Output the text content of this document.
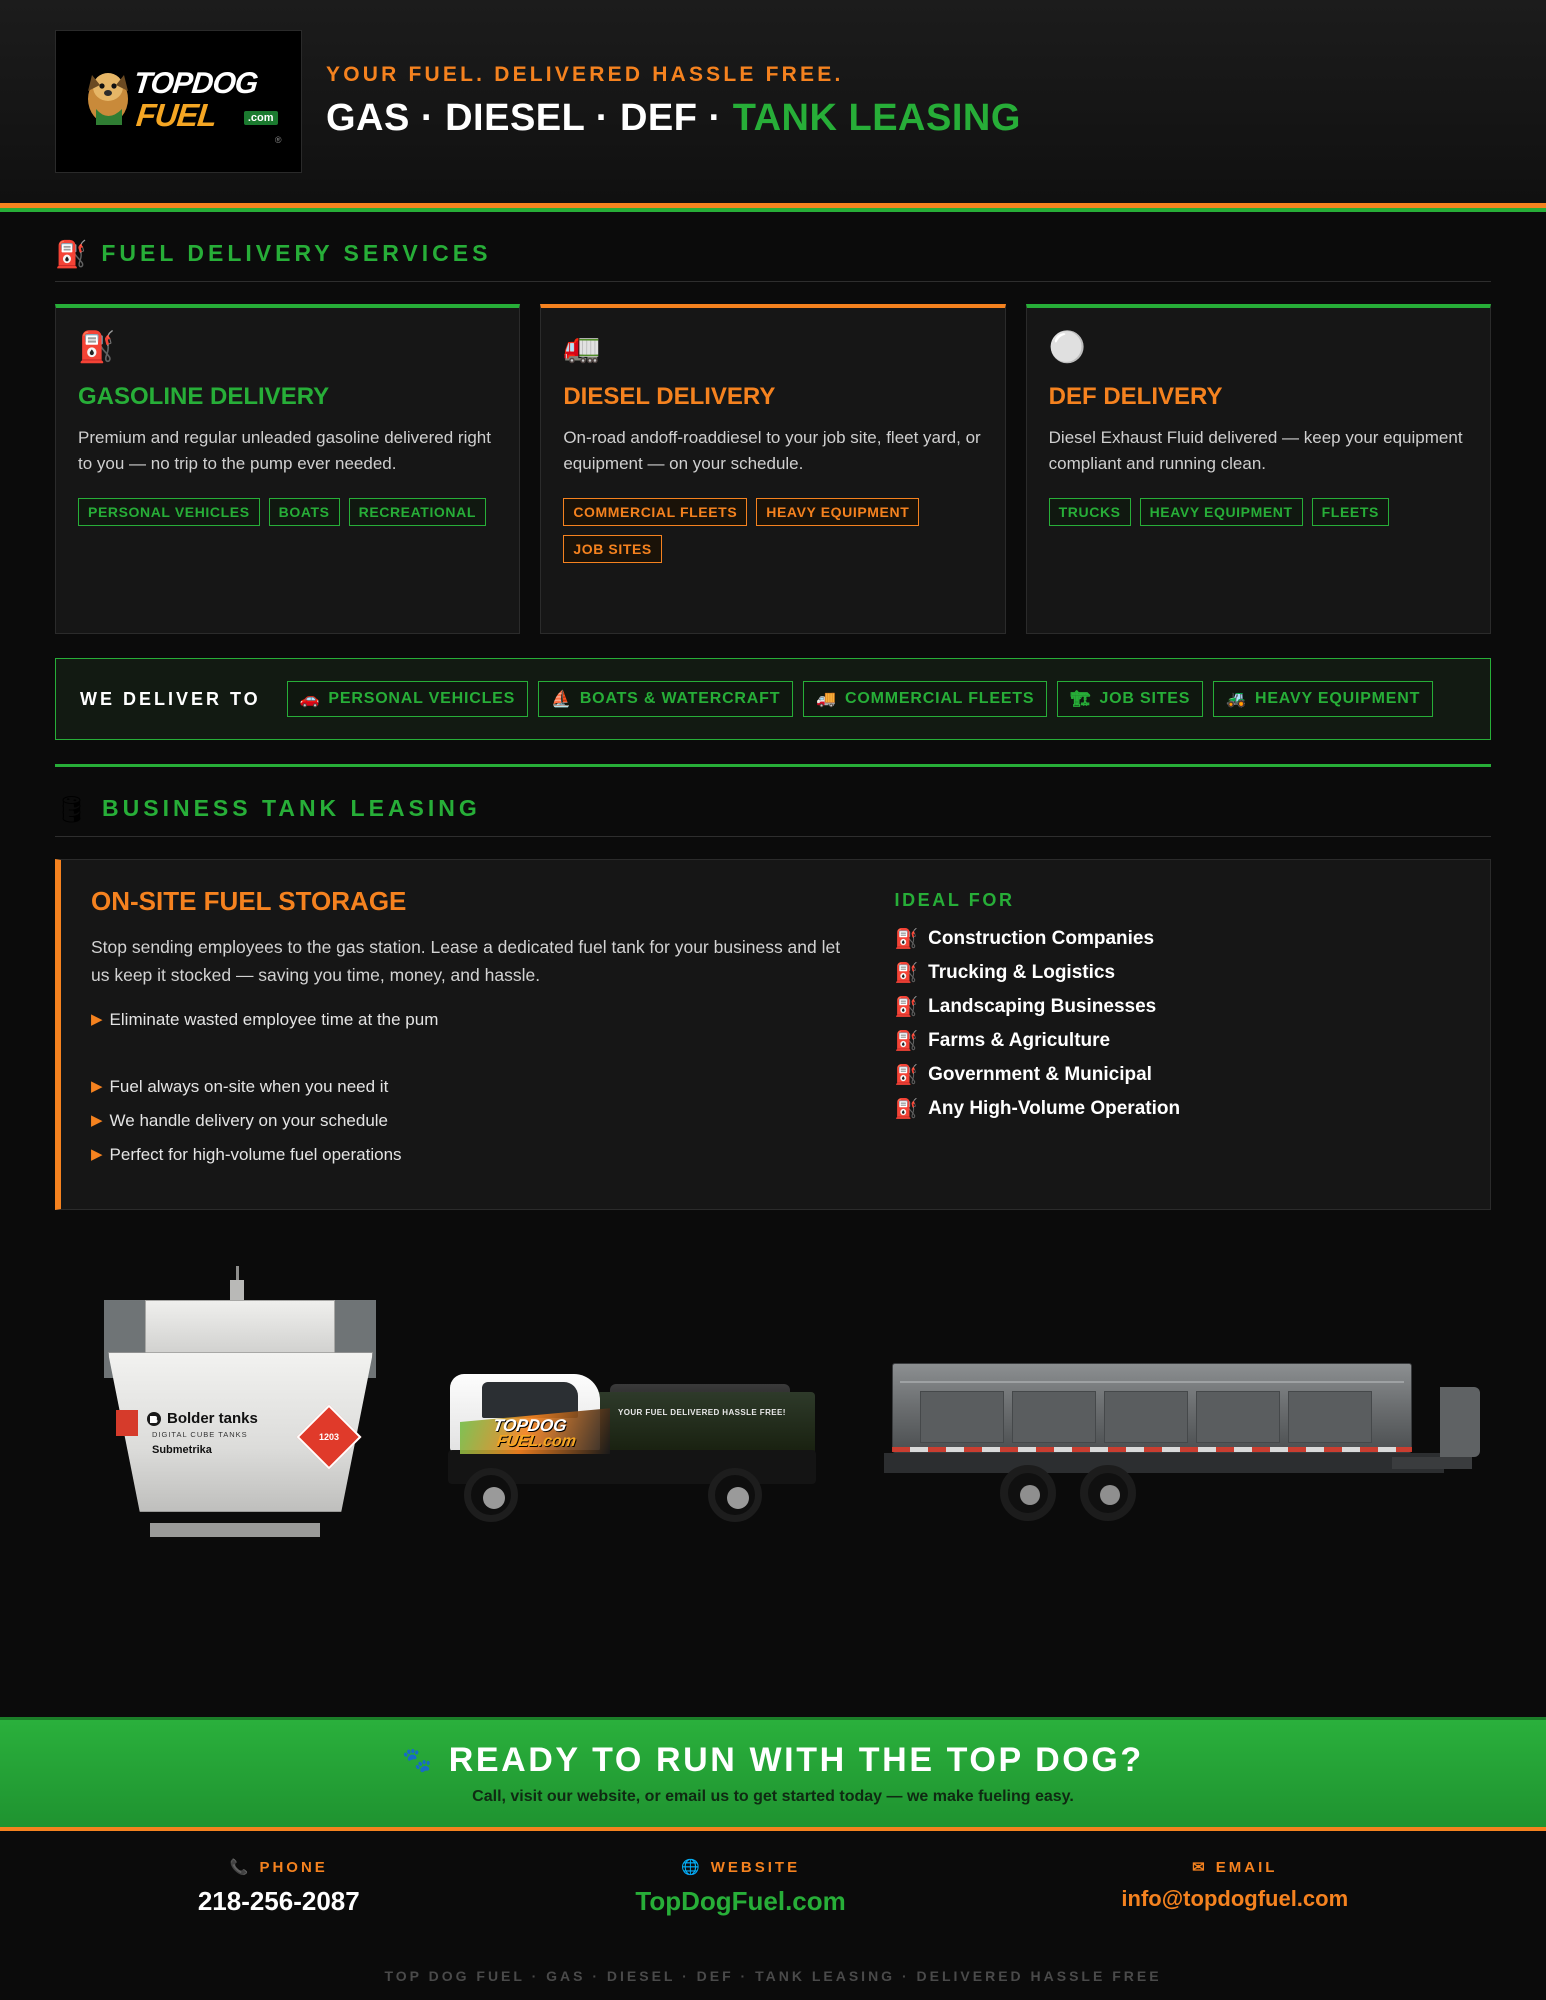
TOPDOG
FUEL	.com
®
YOUR FUEL. DELIVERED HASSLE FREE.
GAS · DIESEL · DEF · TANK LEASING
⛽ FUEL DELIVERY SERVICES
⛽
GASOLINE DELIVERY

Premium and regular unleaded gasoline delivered right to you — no trip to the pump ever needed.

PERSONAL VEHICLES	BOATS	RECREATIONAL
🚛
DIESEL DELIVERY

On-road andoff-roaddiesel to your job site, fleet yard, or equipment — on your schedule.

COMMERCIAL FLEETS	HEAVY EQUIPMENT
JOB SITES
⚪
DEF DELIVERY

Diesel Exhaust Fluid delivered — keep your equipment compliant and running clean.

TRUCKS	HEAVY EQUIPMENT	FLEETS
WE DELIVER TO 🚗 PERSONAL VEHICLES ⛵ BOATS & WATERCRAFT 🚚 COMMERCIAL FLEETS 🏗 JOB SITES 🚜 HEAVY EQUIPMENT
🛢 BUSINESS TANK LEASING
ON-SITE FUEL STORAGE

Stop sending employees to the gas station. Lease a dedicated fuel tank for your business and let us keep it stocked — saving you time, money, and hassle.

▶ Eliminate wasted employee time at the pum
▶ Fuel always on-site when you need it
▶ We handle delivery on your schedule
▶ Perfect for high-volume fuel operations
IDEAL FOR
⛽ Construction Companies
⛽ Trucking & Logistics
⛽ Landscaping Businesses
⛽ Farms & Agriculture
⛽ Government & Municipal
⛽ Any High-Volume Operation
Bolder tanks
DIGITAL CUBE TANKS
Submetrika
1203
TOPDOG
FUEL.com
YOUR FUEL DELIVERED HASSLE FREE!
🐾 READY TO RUN WITH THE TOP DOG?

Call, visit our website, or email us to get started today — we make fueling easy.

📞 PHONE
218-256-2087
🌐 WEBSITE
TopDogFuel.com
✉ EMAIL
info@topdogfuel.com
TOP DOG FUEL · GAS · DIESEL · DEF · TANK LEASING · DELIVERED HASSLE FREE
